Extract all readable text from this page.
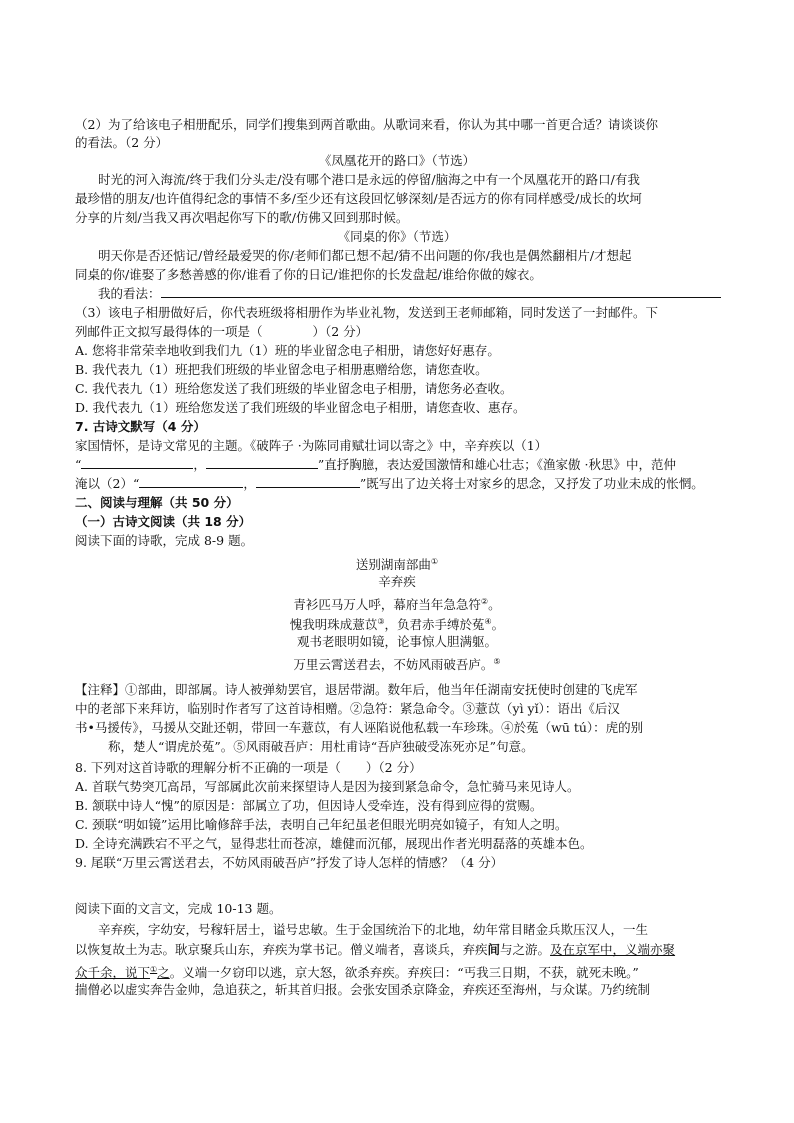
（2）为了给该电子相册配乐，同学们搜集到两首歌曲。从歌词来看，你认为其中哪一首更合适？请谈谈你
的看法。（2 分）
《凤凰花开的路口》（节选）
时光的河入海流/终于我们分头走/没有哪个港口是永远的停留/脑海之中有一个凤凰花开的路口/有我
最珍惜的朋友/也许值得纪念的事情不多/至少还有这段回忆够深刻/是否远方的你有同样感受/成长的坎坷
分享的片刻/当我又再次唱起你写下的歌/仿佛又回到那时候。
《同桌的你》（节选）
明天你是否还惦记/曾经最爱哭的你/老师们都已想不起/猜不出问题的你/我也是偶然翻相片/才想起
同桌的你/谁娶了多愁善感的你/谁看了你的日记/谁把你的长发盘起/谁给你做的嫁衣。
我的看法：
（3）该电子相册做好后，你代表班级将相册作为毕业礼物，发送到王老师邮箱，同时发送了一封邮件。下
列邮件正文拟写最得体的一项是（　　　　）（2 分）
A. 您将非常荣幸地收到我们九（1）班的毕业留念电子相册，请您好好惠存。
B. 我代表九（1）班把我们班级的毕业留念电子相册惠赠给您，请您查收。
C. 我代表九（1）班给您发送了我们班级的毕业留念电子相册，请您务必查收。
D. 我代表九（1）班给您发送了我们班级的毕业留念电子相册，请您查收、惠存。
7. 古诗文默写（4 分）
家国情怀，是诗文常见的主题。《破阵子 ·为陈同甫赋壮词以寄之》中，辛弃疾以（1）
“	，	”直抒胸臆，表达爱国激情和雄心壮志；《渔家傲 ·秋思》中，范仲
淹以（2）“	，	”既写出了边关将士对家乡的思念，又抒发了功业未成的怅惘。
二、阅读与理解（共 50 分）
（一）古诗文阅读（共 18 分）
阅读下面的诗歌，完成 8-9 题。
送别湖南部曲①
辛弃疾
青衫匹马万人呼，幕府当年急急符②。
愧我明珠成薏苡③，负君赤手缚於菟④。
观书老眼明如镜，论事惊人胆满躯。
万里云霄送君去，不妨风雨破吾庐。⑤
【注释】①部曲，即部属。诗人被弹劾罢官，退居带湖。数年后，他当年任湖南安抚使时创建的飞虎军
中的老部下来拜访，临别时作者写了这首诗相赠。②急符：紧急命令。③薏苡（yì yǐ）：语出《后汉
书•马援传》，马援从交趾还朝，带回一车薏苡，有人诬陷说他私载一车珍珠。④於菟（wū tú）：虎的别
称，楚人“谓虎於菟”。⑤风雨破吾庐：用杜甫诗“吾庐独破受冻死亦足”句意。
8. 下列对这首诗歌的理解分析不正确的一项是（　　）（2 分）
A. 首联气势突兀高昂，写部属此次前来探望诗人是因为接到紧急命令，急忙骑马来见诗人。
B. 颔联中诗人“愧”的原因是：部属立了功，但因诗人受牵连，没有得到应得的赏赐。
C. 颈联“明如镜”运用比喻修辞手法，表明自己年纪虽老但眼光明亮如镜子，有知人之明。
D. 全诗充满跌宕不平之气，显得悲壮而苍凉，雄健而沉郁，展现出作者光明磊落的英雄本色。
9. 尾联“万里云霄送君去，不妨风雨破吾庐”抒发了诗人怎样的情感？（4 分）
阅读下面的文言文，完成 10-13 题。
辛弃疾，字幼安，号稼轩居士，谥号忠敏。生于金国统治下的北地，幼年常目睹金兵欺压汉人，一生
以恢复故土为志。耿京聚兵山东，弃疾为掌书记。僧义端者，喜谈兵，弃疾间与之游。及在京军中，义端亦聚
众千余，说下①之。义端一夕窃印以逃，京大怒，欲杀弃疾。弃疾曰：“丐我三日期，不获，就死未晚。”
揣僧必以虚实奔告金帅，急追获之，斩其首归报。会张安国杀京降金，弃疾还至海州，与众谋。乃约统制
